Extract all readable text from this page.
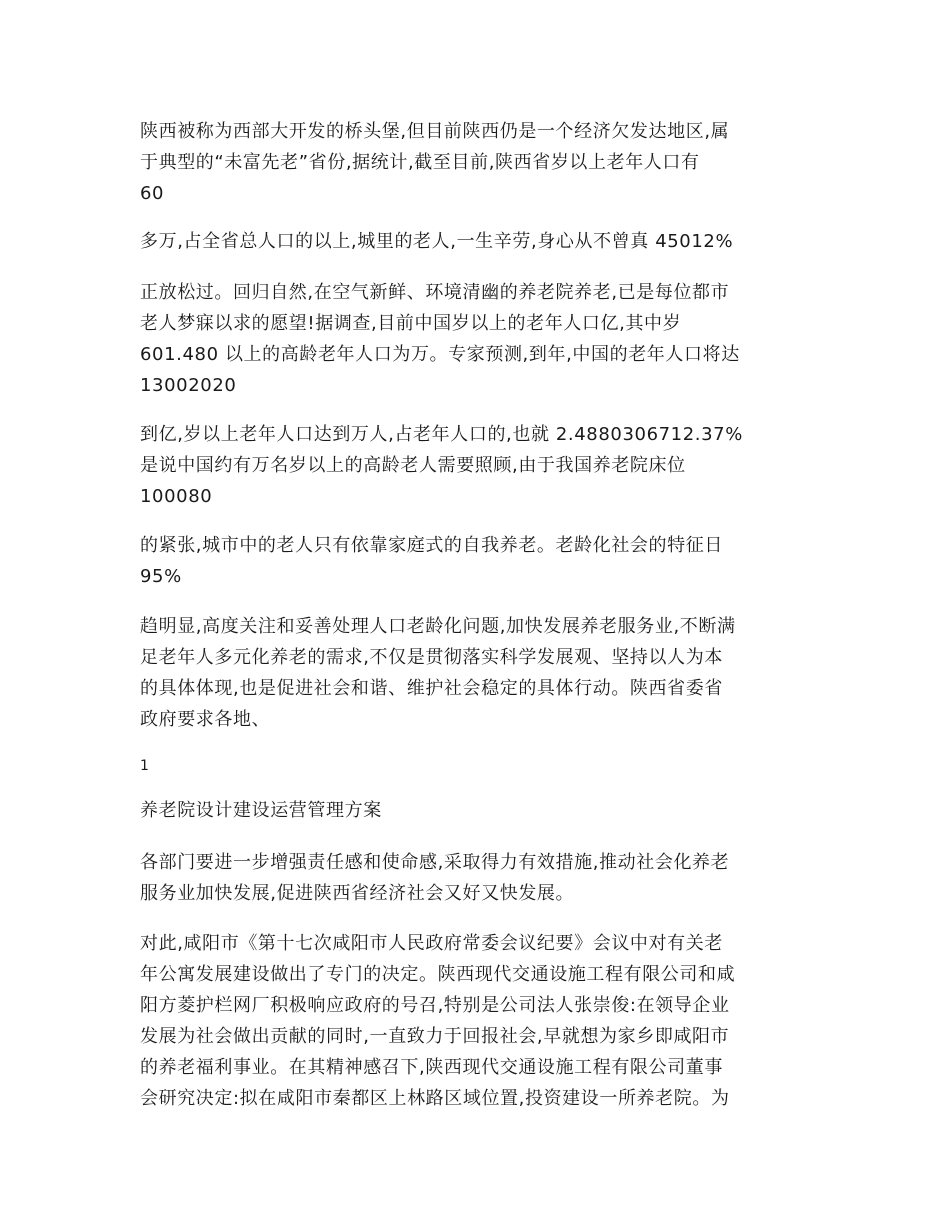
陕西被称为西部大开发的桥头堡,但目前陕西仍是一个经济欠发达地区,属
于典型的“未富先老”省份,据统计,截至目前,陕西省岁以上老年人口有
60

多万,占全省总人口的以上,城里的老人,一生辛劳,身心从不曾真 45012%

正放松过。回归自然,在空气新鲜、环境清幽的养老院养老,已是每位都市
老人梦寐以求的愿望!据调查,目前中国岁以上的老年人口亿,其中岁
601.480 以上的高龄老年人口为万。专家预测,到年,中国的老年人口将达
13002020

到亿,岁以上老年人口达到万人,占老年人口的,也就 2.4880306712.37%
是说中国约有万名岁以上的高龄老人需要照顾,由于我国养老院床位
100080

的紧张,城市中的老人只有依靠家庭式的自我养老。老龄化社会的特征日
95%

趋明显,高度关注和妥善处理人口老龄化问题,加快发展养老服务业,不断满
足老年人多元化养老的需求,不仅是贯彻落实科学发展观、坚持以人为本
的具体体现,也是促进社会和谐、维护社会稳定的具体行动。陕西省委省
政府要求各地、

1
养老院设计建设运营管理方案

各部门要进一步增强责任感和使命感,采取得力有效措施,推动社会化养老
服务业加快发展,促进陕西省经济社会又好又快发展。

对此,咸阳市《第十七次咸阳市人民政府常委会议纪要》会议中对有关老
年公寓发展建设做出了专门的决定。陕西现代交通设施工程有限公司和咸
阳方菱护栏网厂积极响应政府的号召,特别是公司法人张崇俊:在领导企业
发展为社会做出贡献的同时,一直致力于回报社会,早就想为家乡即咸阳市
的养老福利事业。在其精神感召下,陕西现代交通设施工程有限公司董事
会研究决定:拟在咸阳市秦都区上林路区域位置,投资建设一所养老院。为
